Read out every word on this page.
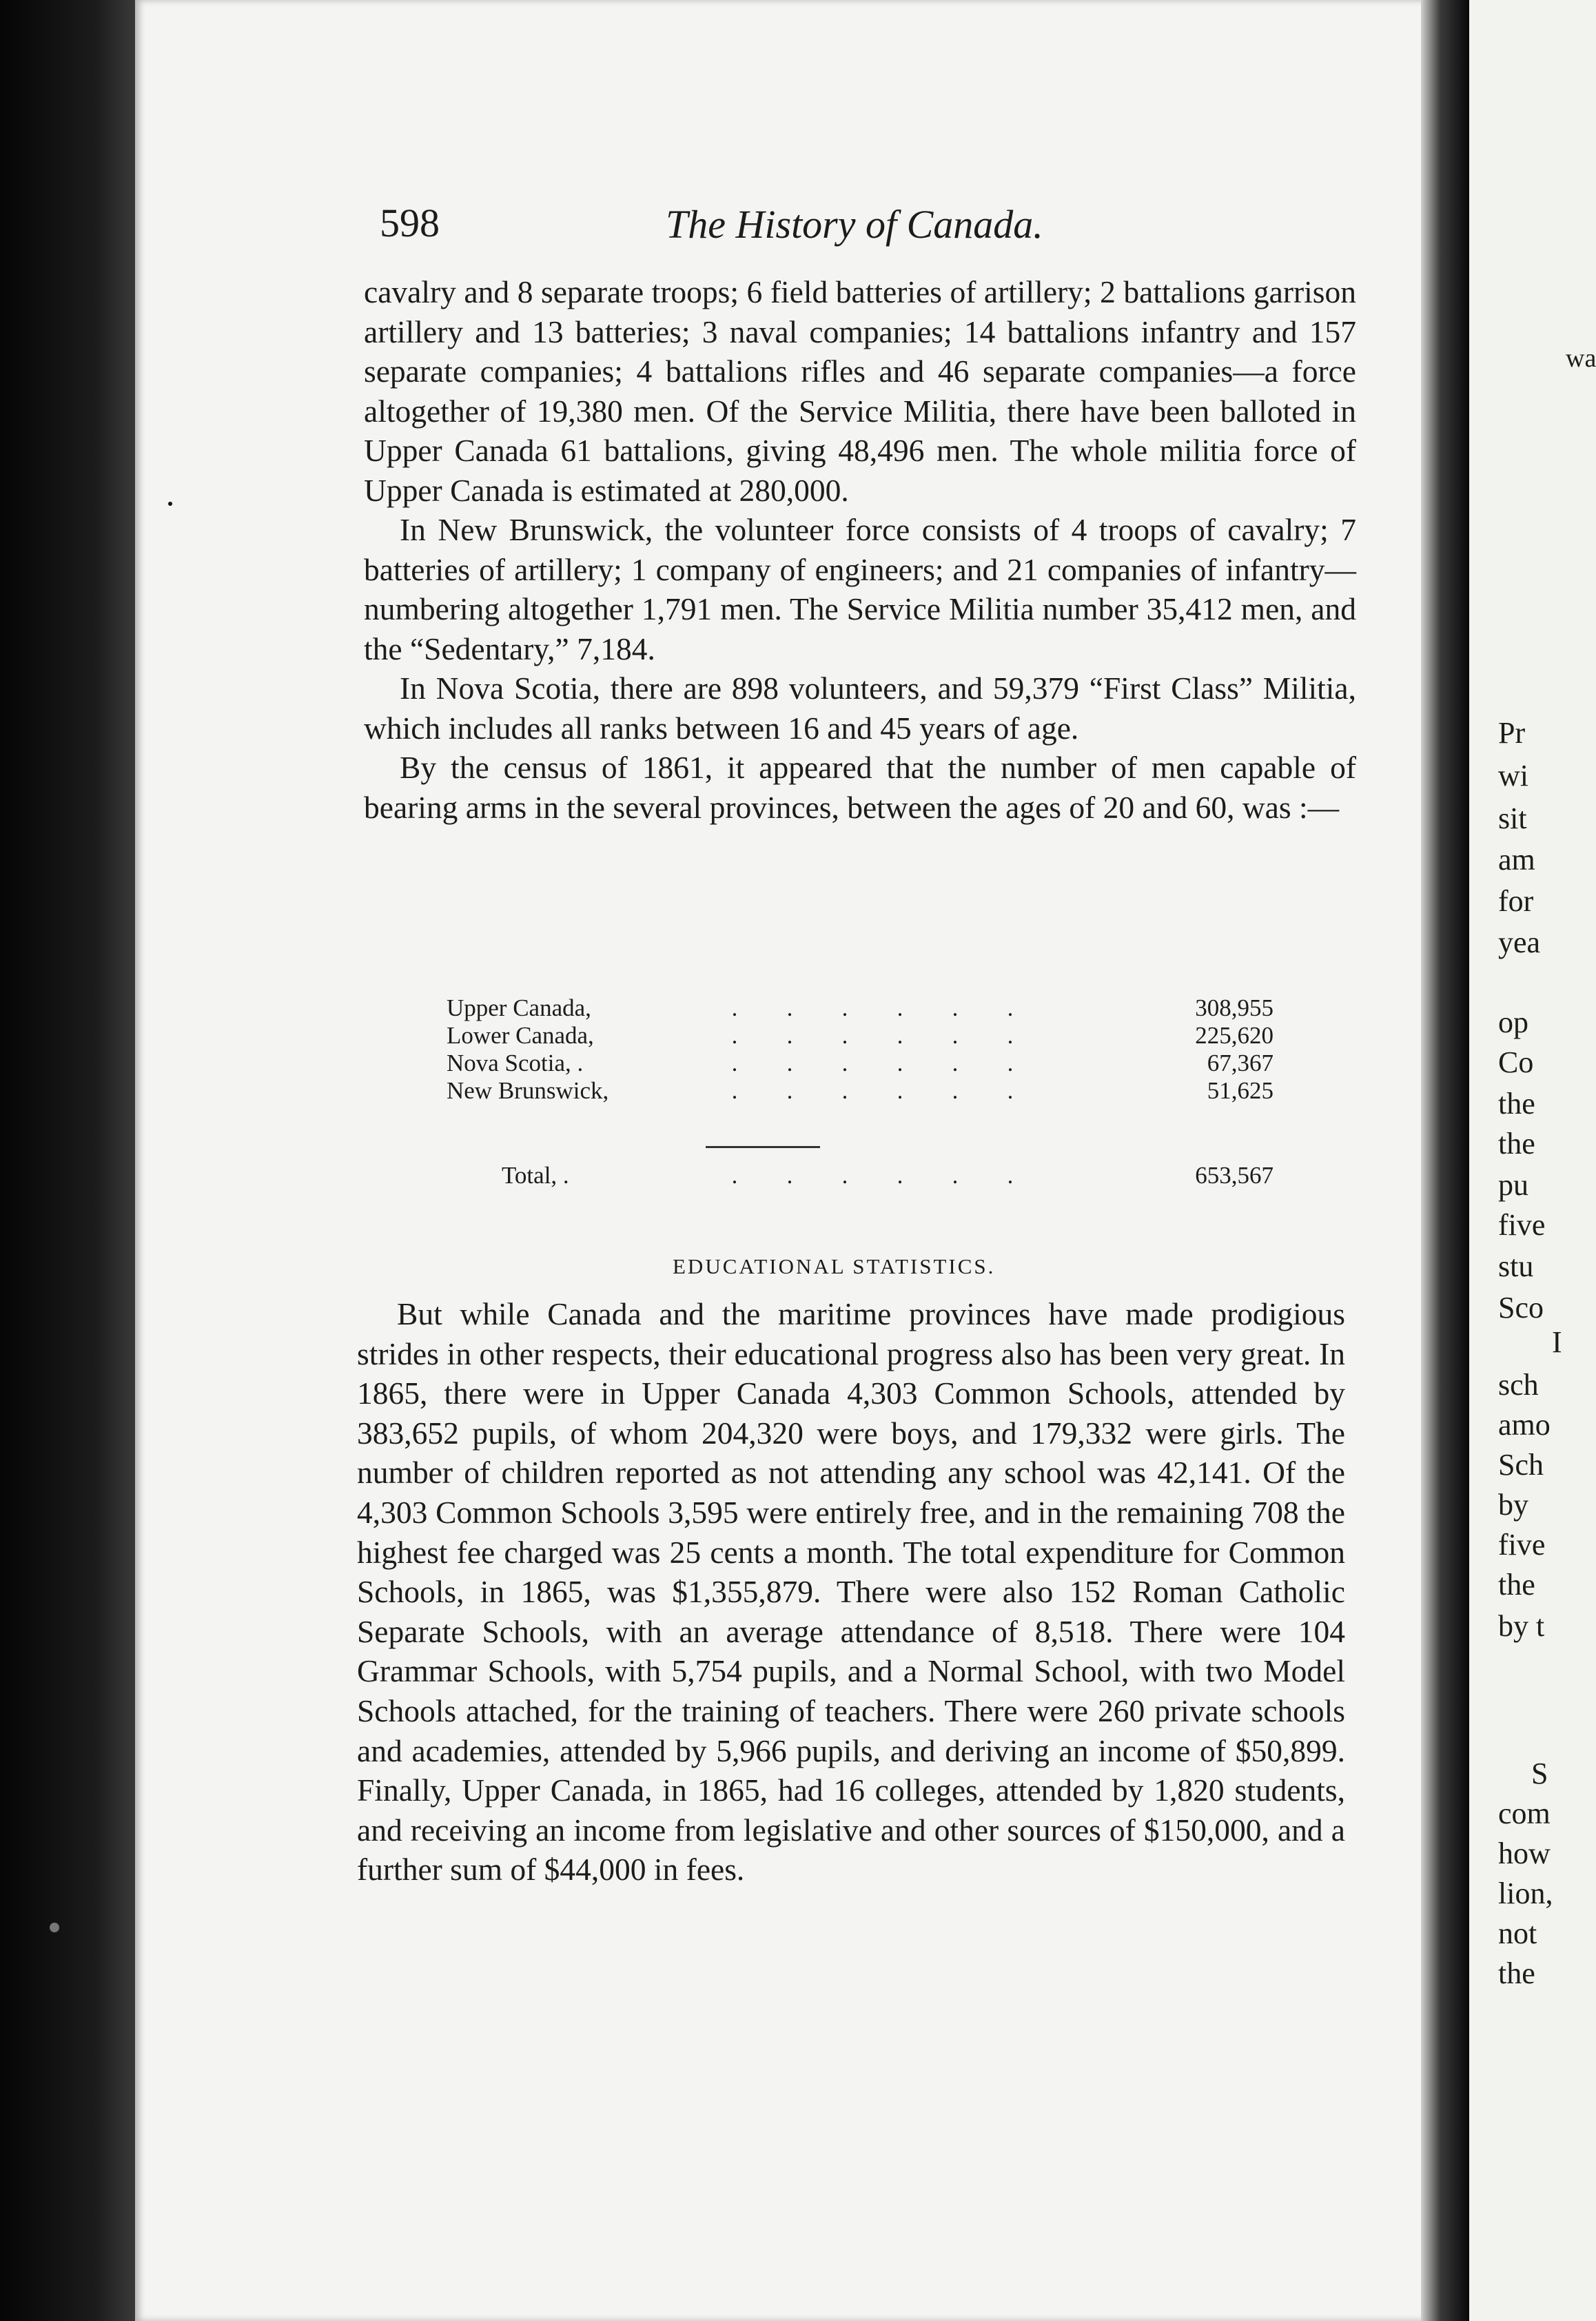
598	The History of Canada.

cavalry and 8 separate troops; 6 field batteries of artillery; 2 battalions garrison artillery and 13 batteries; 3 naval companies; 14 battalions infantry and 157 separate companies; 4 battalions rifles and 46 separate companies—a force altogether of 19,380 men. Of the Service Militia, there have been balloted in Upper Canada 61 battalions, giving 48,496 men. The whole militia force of Upper Canada is estimated at 280,000.

In New Brunswick, the volunteer force consists of 4 troops of cavalry; 7 batteries of artillery; 1 company of engineers; and 21 companies of infantry—numbering altogether 1,791 men. The Service Militia number 35,412 men, and the “Sedentary,” 7,184.

In Nova Scotia, there are 898 volunteers, and 59,379 “First Class” Militia, which includes all ranks between 16 and 45 years of age.

By the census of 1861, it appeared that the number of men capable of bearing arms in the several provinces, between the ages of 20 and 60, was :—

Upper Canada,	. . . . . .	308,955
Lower Canada,	. . . . . .	225,620
Nova Scotia, .	. . . . . .	67,367
New Brunswick,	. . . . . .	51,625
Total, .	. . . . . .	653,567
EDUCATIONAL STATISTICS.

But while Canada and the maritime provinces have made prodigious strides in other respects, their educational progress also has been very great. In 1865, there were in Upper Canada 4,303 Common Schools, attended by 383,652 pupils, of whom 204,320 were boys, and 179,332 were girls. The number of children reported as not attending any school was 42,141. Of the 4,303 Common Schools 3,595 were entirely free, and in the remaining 708 the highest fee charged was 25 cents a month. The total expenditure for Common Schools, in 1865, was $1,355,879. There were also 152 Roman Catholic Separate Schools, with an average attendance of 8,518. There were 104 Grammar Schools, with 5,754 pupils, and a Normal School, with two Model Schools attached, for the training of teachers. There were 260 private schools and academies, attended by 5,966 pupils, and deriving an income of $50,899. Finally, Upper Canada, in 1865, had 16 colleges, attended by 1,820 students, and receiving an income from legislative and other sources of $150,000, and a further sum of $44,000 in fees.

wa
Pr
wi
sit
am
for
yea
op
Co
the
the
pu
five
stu
Sco
I
sch
amo
Sch
by
five
the
by t
S
com
how
lion,
not
the
